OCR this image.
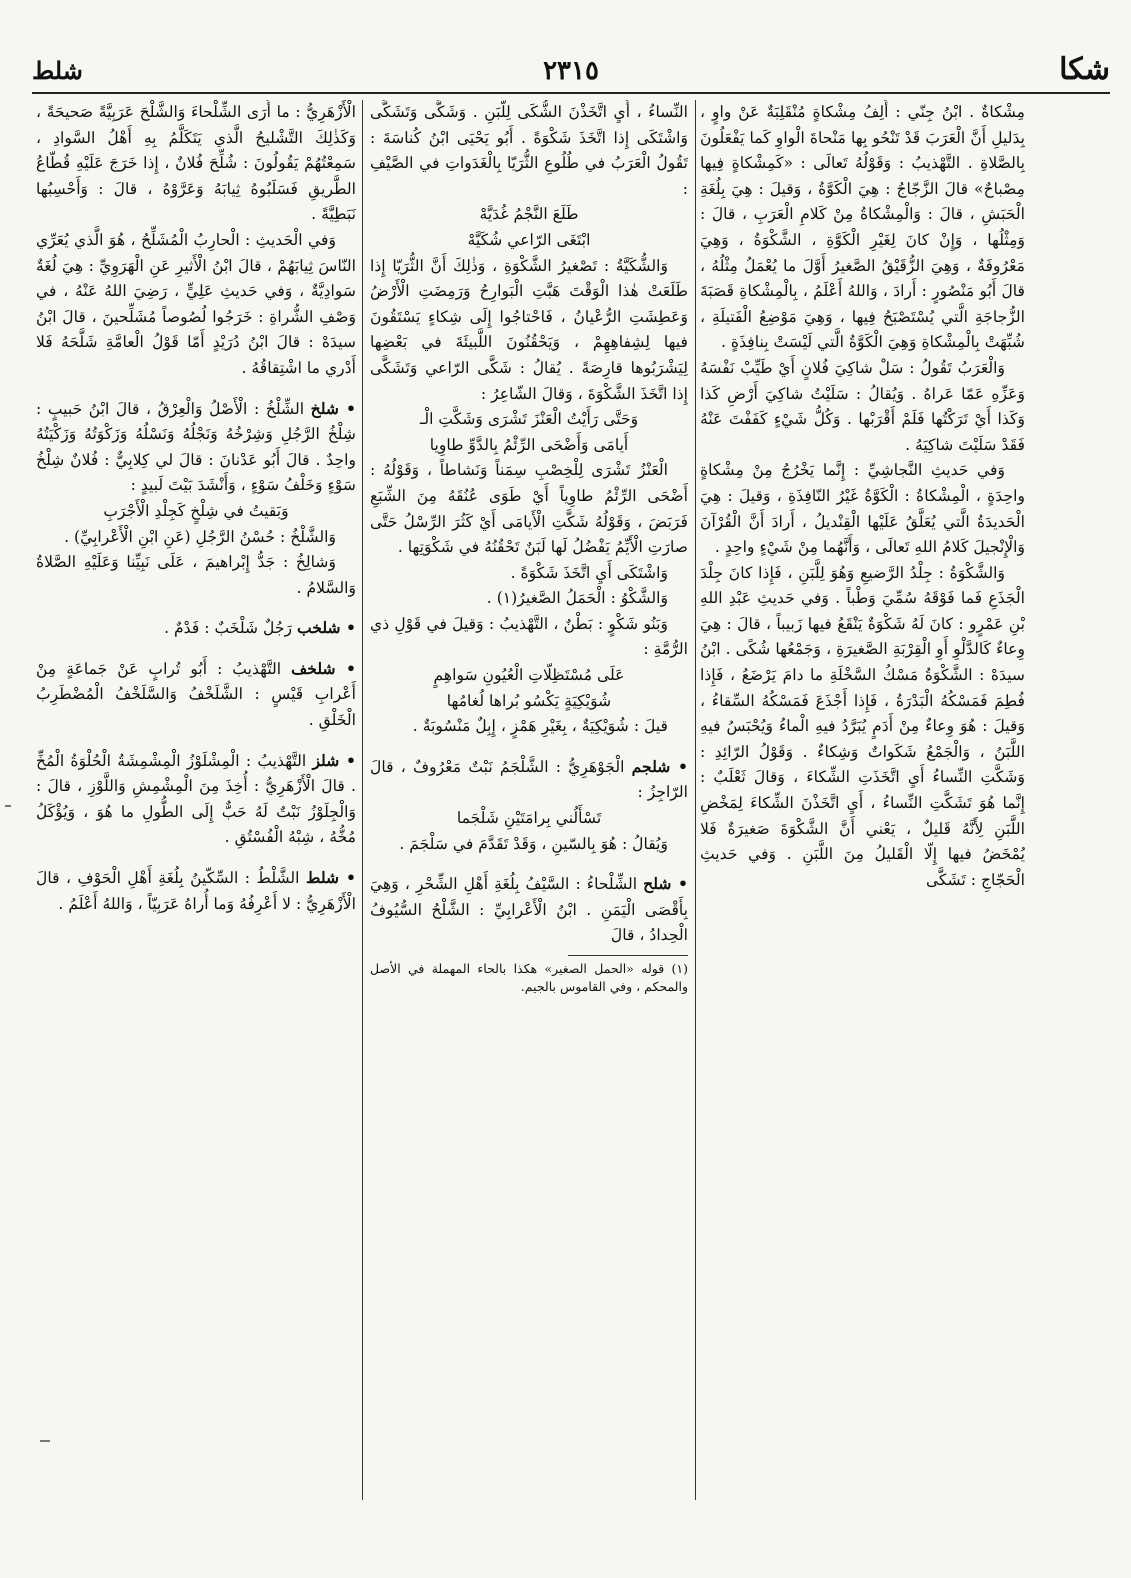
شكا
٢٣١٥
شلط

مِشْكاةٌ . ابْنُ جِنّي : أَلِفُ مِشْكاةٍ مُنْقَلِبَةٌ عَنْ واوٍ ، بِدَليلِ أَنَّ الْعَرَبَ قَدْ تَنْحُو بِها مَنْحاةَ الْواوِ كَما يَفْعَلُونَ بِالصَّلاةِ . التَّهْذيبُ : وَقَوْلُهُ تَعالَى : «كَمِشْكاةٍ فِيها مِصْباحٌ» قالَ الزَّجّاجُ : هِيَ الْكَوَّةُ ، وَقيلَ : هِيَ بِلُغَةِ الْحَبَشِ ، قالَ : وَالْمِشْكاةُ مِنْ كَلامِ الْعَرَبِ ، قالَ : وَمِثْلُها ، وَإِنْ كانَ لِغَيْرِ الْكَوَّةِ ، الشَّكْوَةُ ، وَهِيَ مَعْرُوفَةٌ ، وَهِيَ الزُّقَيْقُ الصَّغيرُ أَوَّلَ ما يُعْمَلُ مِثْلُهُ ، قالَ أَبُو مَنْصُورٍ : أَرادَ ، وَاللهُ أَعْلَمُ ، بِالْمِشْكاةِ قَصَبَةَ الزُّجاجَةِ الَّتي يُسْتَصْبَحُ فِيها ، وَهِيَ مَوْضِعُ الْفَتيلَةِ ، شُبِّهَتْ بِالْمِشْكاةِ وَهِيَ الْكَوَّةُ الَّتي لَيْسَتْ بِنافِذَةٍ .

وَالْعَرَبُ تَقُولُ : سَلْ شاكِيَ فُلانٍ أَيْ طَيِّبْ نَفْسَهُ وَعَزِّهِ عَمّا عَراهُ . وَيُقالُ : سَلَيْتُ شاكِيَ أَرْضِ كَذا وَكَذا أَيْ تَرَكْتُها فَلَمْ أَقْرَبْها . وَكُلُّ شَيْءٍ كَفَفْتَ عَنْهُ فَقَدْ سَلَيْتَ شاكِيَهُ .

وَفي حَديثِ النَّجاشِيِّ : إِنَّما يَخْرُجُ مِنْ مِشْكاةٍ واحِدَةٍ ، الْمِشْكاةُ : الْكَوَّةُ غَيْرُ النّافِذَةِ ، وَقيلَ : هِيَ الْحَديدَةُ الَّتي يُعَلَّقُ عَلَيْها الْقِنْديلُ ، أَرادَ أَنَّ الْقُرْآنَ وَالْإِنْجيلَ كَلامُ اللهِ تَعالَى ، وَأَنَّهُما مِنْ شَيْءٍ واحِدٍ .

وَالشَّكْوَةُ : جِلْدُ الرَّضيعِ وَهُوَ لِلَّبَنِ ، فَإِذا كانَ جِلْدَ الْجَذَعِ فَما فَوْقَهُ سُمِّيَ وَطْباً . وَفي حَديثِ عَبْدِ اللهِ بْنِ عَمْرٍو : كانَ لَهُ شَكْوَةٌ يَنْقَعُ فيها زَبيباً ، قالَ : هِيَ وِعاءٌ كَالدَّلْوِ أَوِ الْقِرْبَةِ الصَّغيرَةِ ، وَجَمْعُها شُكًى . ابْنُ سيدَهْ : الشَّكْوَةُ مَسْكُ السَّخْلَةِ ما دامَ يَرْضَعُ ، فَإِذا فُطِمَ فَمَسْكُهُ الْبَدْرَةُ ، فَإِذا أَجْذَعَ فَمَسْكُهُ السِّقاءُ ، وَقيلَ : هُوَ وِعاءٌ مِنْ أَدَمٍ يُبَرَّدُ فيهِ الْماءُ وَيُحْبَسُ فيهِ اللَّبَنُ ، وَالْجَمْعُ شَكَواتٌ وَشِكاءٌ . وَقَوْلُ الرّائِدِ : وَشَكَّتِ النِّساءُ أَيِ اتَّخَذَتِ الشِّكاءَ ، وَقالَ ثَعْلَبٌ : إِنَّما هُوَ تَشَكَّتِ النِّساءُ ، أَيِ اتَّخَذْنَ الشِّكاءَ لِمَخْضِ اللَّبَنِ لِأَنَّهُ قَليلٌ ، يَعْني أَنَّ الشَّكْوَةَ صَغيرَةٌ فَلا يُمْخَضُ فيها إِلّا الْقَليلُ مِنَ اللَّبَنِ . وَفي حَديثِ الْحَجّاجِ : تَشَكَّى

النِّساءُ ، أَيِ اتَّخَذْنَ الشُّكَى لِلَّبَنِ . وَشَكَّى وَتَشَكَّى وَاشْتَكَى إِذا اتَّخَذَ شَكْوَةً . أَبُو يَحْيَى ابْنُ كُناسَةَ : تَقُولُ الْعَرَبُ في طُلُوعِ الثُّرَيّا بِالْغَدَواتِ في الصَّيْفِ :

طَلَعَ النَّجْمُ غُدَيَّهْ

ابْتَغَى الرّاعي شُكَيَّهْ

وَالشُّكَيَّةُ : تَصْغيرُ الشَّكْوَةِ ، وَذٰلِكَ أَنَّ الثُّرَيّا إِذا طَلَعَتْ هٰذا الْوَقْتَ هَبَّتِ الْبَوارِحُ وَرَمِضَتِ الْأَرْضُ وَعَطِشَتِ الرُّعْيانُ ، فَاحْتاجُوا إِلَى شِكاءٍ يَسْتَقُونَ فيها لِشِفاهِهِمْ ، وَيَحْقُنُونَ اللَّبيئَةَ في بَعْضِها لِيَشْرَبُوها قارِصَةً . يُقالُ : شَكَّى الرّاعي وَتَشَكَّى إِذا اتَّخَذَ الشَّكْوَةَ ، وَقالَ الشّاعِرُ :

وَحَتَّى رَأَيْتُ الْعَنْزَ تَشْرَى وَشَكَّتِ الْـ

أَيامَى وَأَضْحَى الرِّئْمُ بِالدَّوِّ طاوِيا

الْعَنْزُ تَشْرَى لِلْخِصْبِ سِمَناً وَنَشاطاً ، وَقَوْلُهُ : أَضْحَى الرِّئْمُ طاوِياً أَيْ طَوَى عُنُقَهُ مِنَ الشِّبَعِ فَرَبَضَ ، وَقَوْلُهُ شَكَّتِ الْأَيامَى أَيْ كَثُرَ الرِّسْلُ حَتَّى صارَتِ الْأَيِّمُ يَفْضُلُ لَها لَبَنٌ تَحْقُنُهُ في شَكْوَتِها .

وَاشْتَكَى أَيِ اتَّخَذَ شَكْوَةً .

وَالشَّكْوُ : الْحَمَلُ الصَّغيرُ(١) .

وَبَنُو شَكْوٍ : بَطْنٌ ، التَّهْذيبُ : وَقيلَ في قَوْلِ ذي الرُّمَّةِ :

عَلَى مُسْتَظِلّاتِ الْعُيُونِ سَواهِمٍ

شُوَيْكِيَةٍ يَكْسُو بُراها لُغامُها

قيلَ : شُوَيْكِيَةٌ ، بِغَيْرِ هَمْزٍ ، إِبِلٌ مَنْسُوبَةٌ .

• شلجم الْجَوْهَرِيُّ : الشَّلْجَمُ نَبْتٌ مَعْرُوفٌ ، قالَ الرّاجِزُ :

تَسْأَلُني بِرامَتَيْنِ شَلْجَما

وَيُقالُ : هُوَ بِالسّينِ ، وَقَدْ تَقَدَّمَ في سَلْجَمَ .

• شلح الشِّلْحاءُ : السَّيْفُ بِلُغَةِ أَهْلِ الشِّحْرِ ، وَهِيَ بِأَقْصَى الْيَمَنِ . ابْنُ الْأَعْرابِيِّ : الشَّلْحُ السُّيُوفُ الْحِدادُ ، قالَ

(١) قوله «الحمل الصغير» هكذا بالحاء المهملة في الأصل والمحكم ، وفي القاموس بالجيم.

الْأَزْهَرِيُّ : ما أُرَى الشِّلْحاءَ وَالشَّلْحَ عَرَبِيَّةً صَحيحَةً ، وَكَذٰلِكَ التَّشْليحُ الَّذي يَتَكَلَّمُ بِهِ أَهْلُ السَّوادِ ، سَمِعْتُهُمْ يَقُولُونَ : شُلِّحَ فُلانٌ ، إِذا خَرَجَ عَلَيْهِ قُطّاعُ الطَّريقِ فَسَلَبُوهُ ثِيابَهُ وَعَرَّوْهُ ، قالَ : وَأَحْسِبُها نَبَطِيَّةً .

وَفي الْحَديثِ : الْحارِبُ الْمُشَلِّحُ ، هُوَ الَّذي يُعَرِّي النّاسَ ثِيابَهُمْ ، قالَ ابْنُ الْأَثيرِ عَنِ الْهَرَوِيِّ : هِيَ لُغَةٌ سَوادِيَّةٌ ، وَفي حَديثِ عَلِيٍّ ، رَضِيَ اللهُ عَنْهُ ، في وَصْفِ الشُّراةِ : خَرَجُوا لُصُوصاً مُشَلِّحينَ ، قالَ ابْنُ سيدَهْ : قالَ ابْنُ دُرَيْدٍ أَمّا قَوْلُ الْعامَّةِ شَلَّحَهُ فَلا أَدْري ما اشْتِقاقُهُ .

• شلخ الشِّلْخُ : الْأَصْلُ وَالْعِرْقُ ، قالَ ابْنُ حَبيبٍ : شِلْخُ الرَّجُلِ وَشِرْخُهُ وَنَجْلُهُ وَنَسْلُهُ وَزَكْوَتُهُ وَزَكْيَتُهُ واحِدٌ . قالَ أَبُو عَدْنانَ : قالَ لي كِلابِيٌّ : فُلانٌ شِلْخُ سَوْءٍ وَخَلْفُ سَوْءٍ ، وَأَنْشَدَ بَيْتَ لَبيدٍ :

وَبَقيتُ في شِلْخٍ كَجِلْدِ الْأَجْرَبِ

وَالشَّلْخُ : حُسْنُ الرَّجُلِ (عَنِ ابْنِ الْأَعْرابِيِّ) .

وَشالِخُ : جَدُّ إِبْراهيمَ ، عَلَى نَبِيِّنا وَعَلَيْهِ الصَّلاةُ وَالسَّلامُ .

• شلخب رَجُلٌ شَلْخَبٌ : فَدْمٌ .

• شلخف التَّهْذيبُ : أَبُو تُرابٍ عَنْ جَماعَةٍ مِنْ أَعْرابِ قَيْسٍ : الشَّلَخْفُ وَالسَّلَخْفُ الْمُضْطَرِبُ الْخَلْقِ .

• شلز التَّهْذيبُ : الْمِشْلَوْزُ الْمِشْمِشَةُ الْحُلْوَةُ الْمُخِّ . قالَ الْأَزْهَرِيُّ : أُخِذَ مِنَ الْمِشْمِشِ وَاللَّوْزِ ، قالَ : وَالْجِلَوْزُ نَبْتٌ لَهُ حَبٌّ إِلَى الطُّولِ ما هُوَ ، وَيُؤْكَلُ مُخُّهُ ، شِبْهُ الْفُسْتُقِ .

• شلط الشَّلْطُ : السِّكّينُ بِلُغَةِ أَهْلِ الْحَوْفِ ، قالَ الْأَزْهَرِيُّ : لا أَعْرِفُهُ وَما أُراهُ عَرَبِيّاً ، وَاللهُ أَعْلَمُ .
